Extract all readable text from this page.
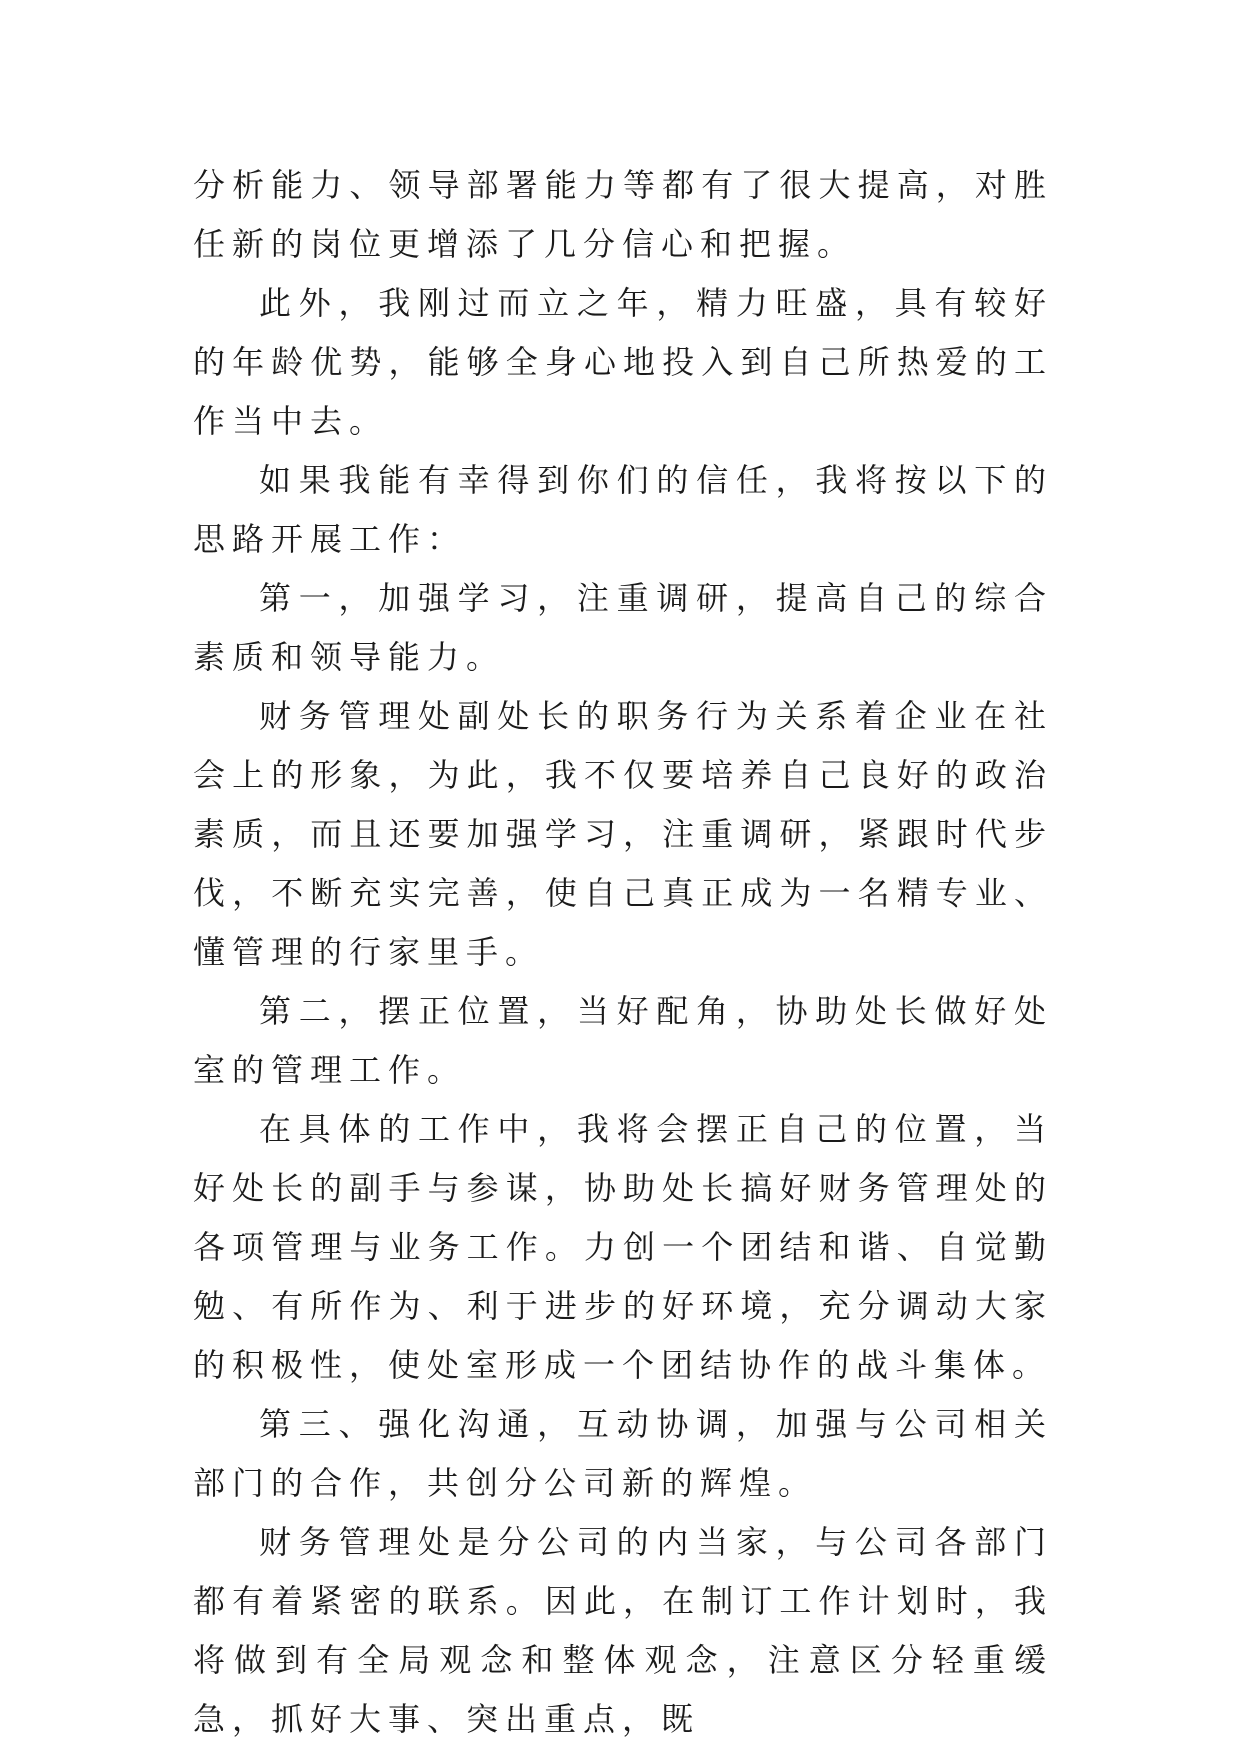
分析能力、领导部署能力等都有了很大提高，对胜任新的岗位更增添了几分信心和把握。

此外，我刚过而立之年，精力旺盛，具有较好的年龄优势，能够全身心地投入到自己所热爱的工作当中去。

如果我能有幸得到你们的信任，我将按以下的思路开展工作：

第一，加强学习，注重调研，提高自己的综合素质和领导能力。

财务管理处副处长的职务行为关系着企业在社会上的形象，为此，我不仅要培养自己良好的政治素质，而且还要加强学习，注重调研，紧跟时代步伐，不断充实完善，使自己真正成为一名精专业、懂管理的行家里手。

第二，摆正位置，当好配角，协助处长做好处室的管理工作。

在具体的工作中，我将会摆正自己的位置，当好处长的副手与参谋，协助处长搞好财务管理处的各项管理与业务工作。力创一个团结和谐、自觉勤勉、有所作为、利于进步的好环境，充分调动大家的积极性，使处室形成一个团结协作的战斗集体。

第三、强化沟通，互动协调，加强与公司相关部门的合作，共创分公司新的辉煌。

财务管理处是分公司的内当家，与公司各部门都有着紧密的联系。因此，在制订工作计划时，我将做到有全局观念和整体观念，注意区分轻重缓急，抓好大事、突出重点，既
